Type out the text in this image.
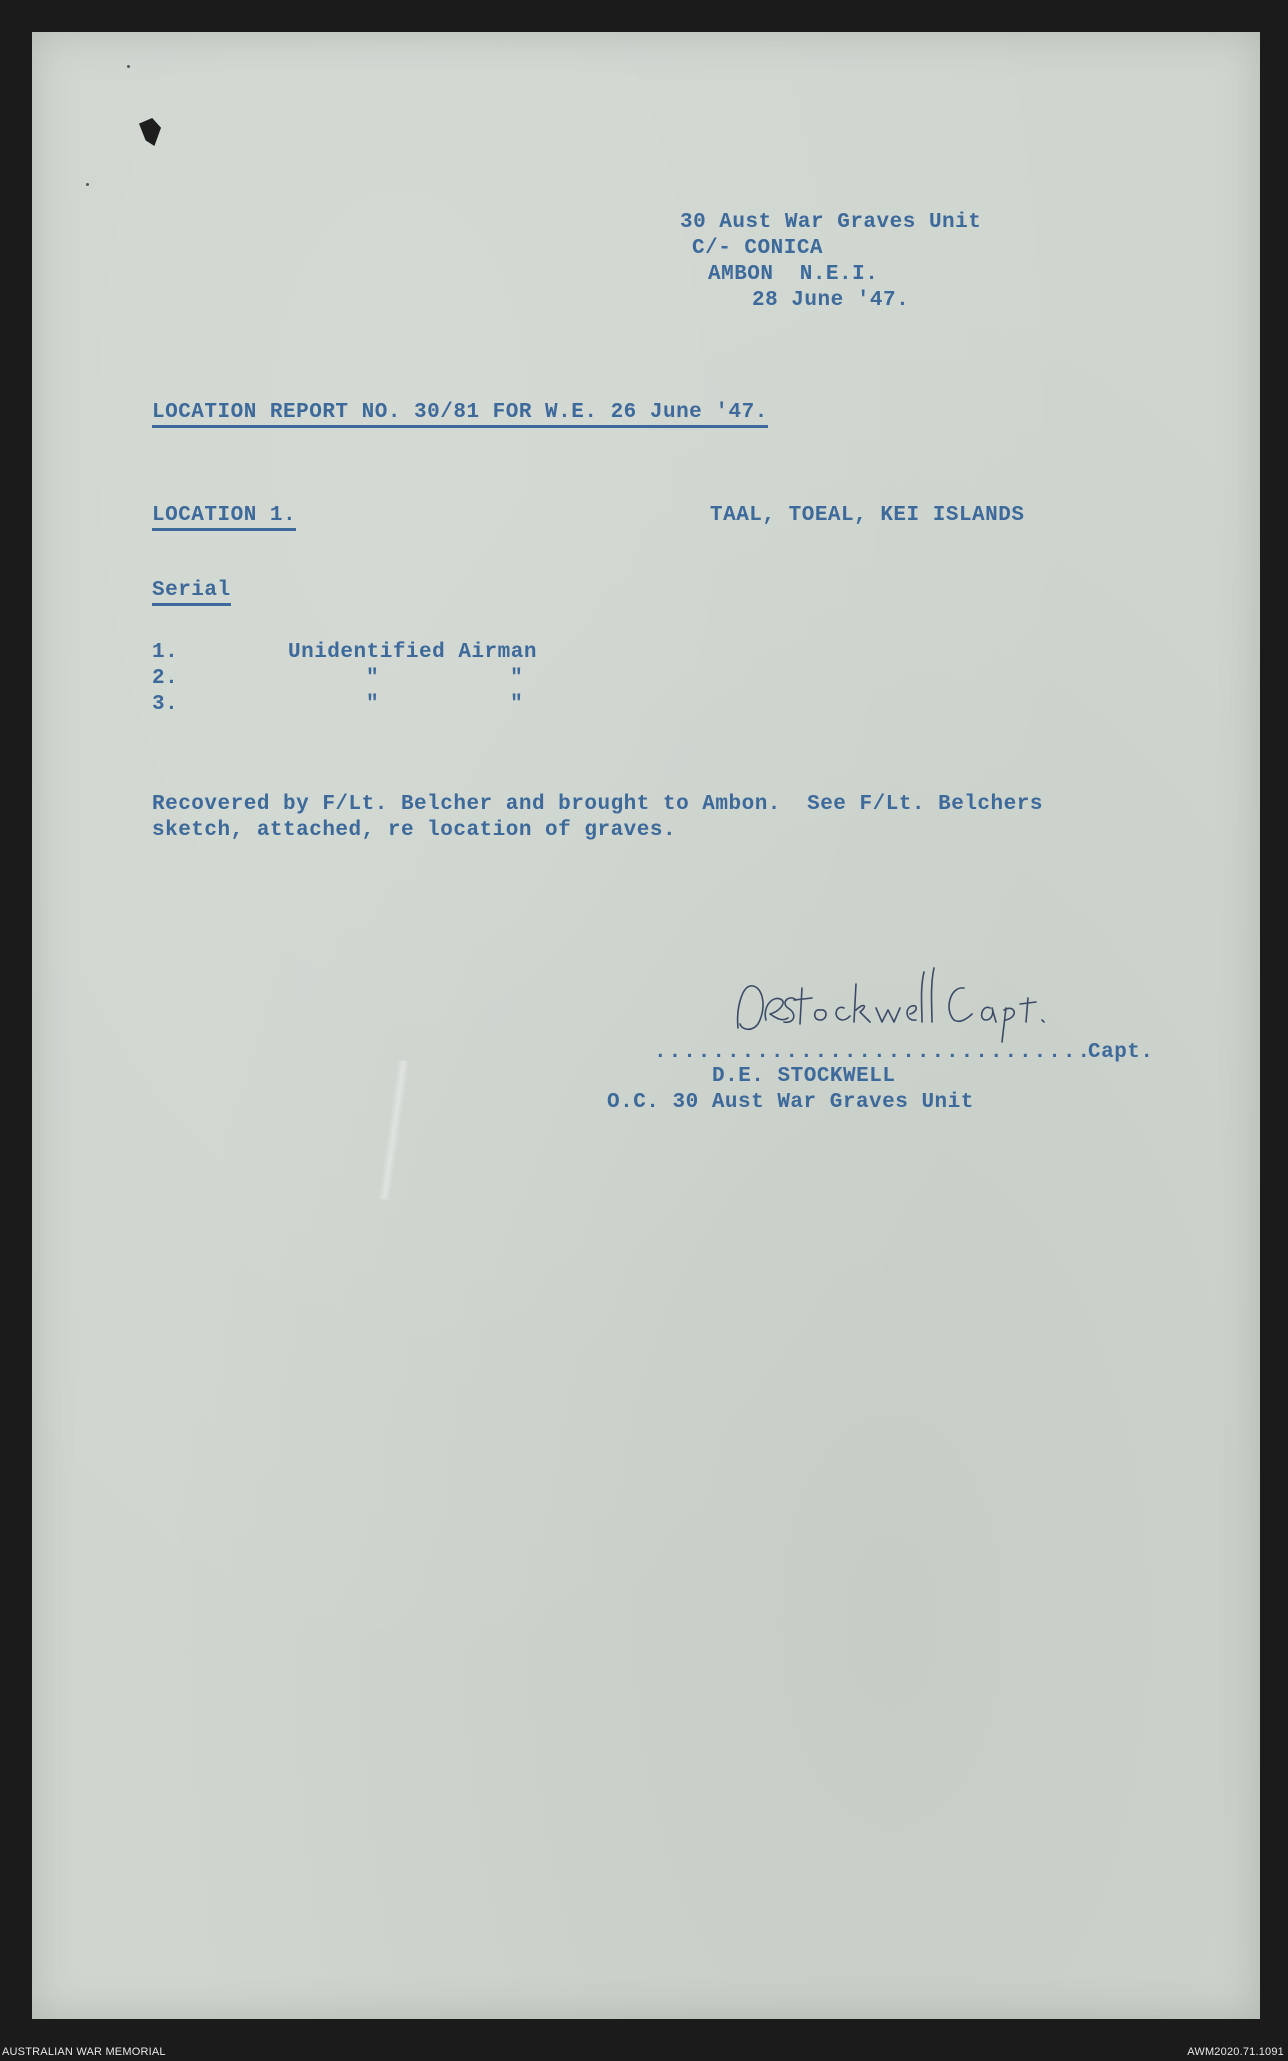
30 Aust War Graves Unit
C/- CONICA
AMBON  N.E.I.
28 June '47.
LOCATION REPORT NO. 30/81 FOR W.E. 26 June '47.
LOCATION 1.	TAAL, TOEAL, KEI ISLANDS
Serial
1.	Unidentified Airman
2.	"          "
3.	"          "
Recovered by F/Lt. Belcher and brought to Ambon.  See F/Lt. Belchers
sketch, attached, re location of graves.
..............................
Capt.
D.E. STOCKWELL
O.C. 30 Aust War Graves Unit
AUSTRALIAN WAR MEMORIAL	AWM2020.71.1091
